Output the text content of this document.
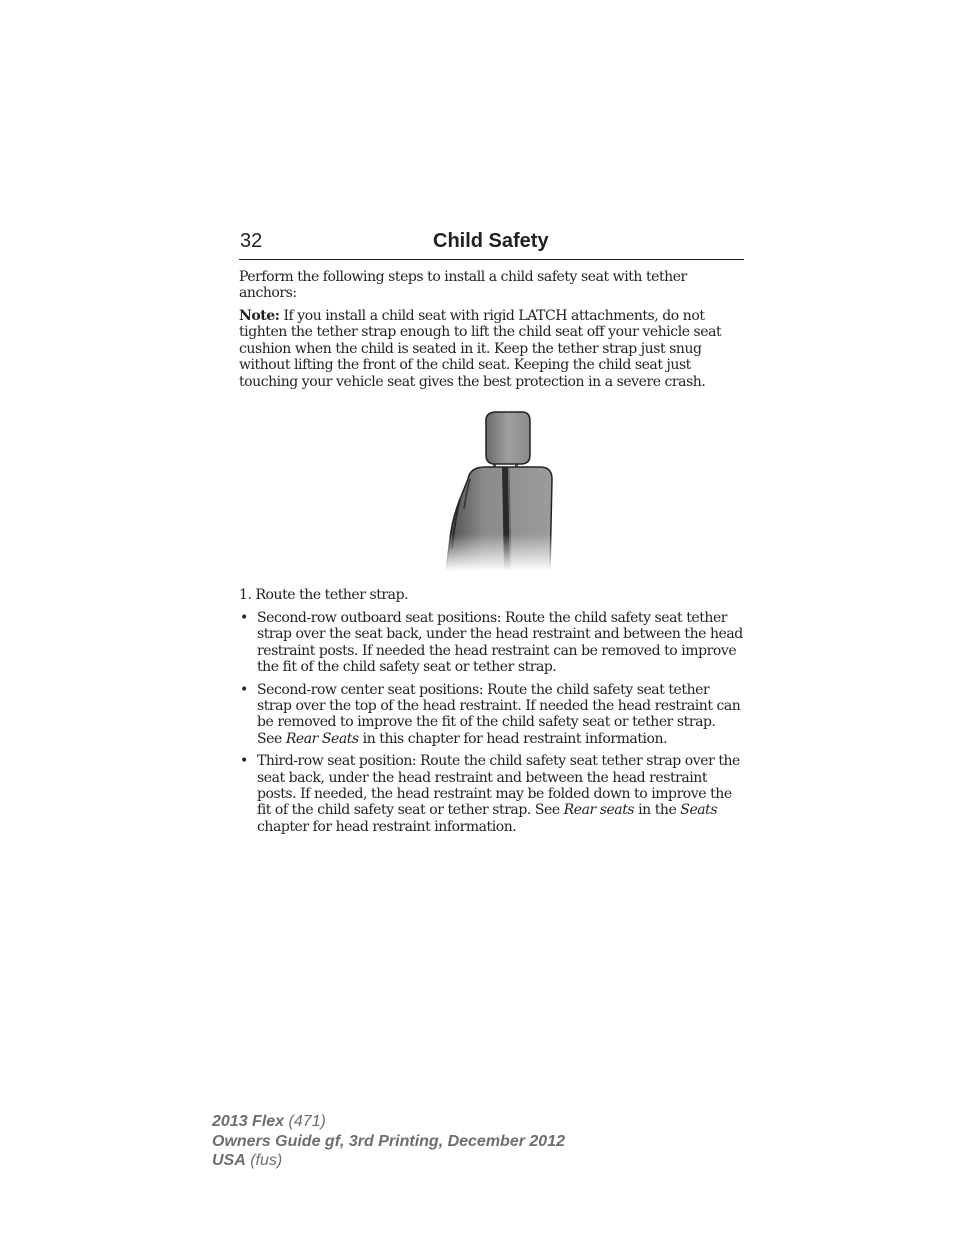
32	Child Safety

Perform the following steps to install a child safety seat with tether anchors:

Note: If you install a child seat with rigid LATCH attachments, do not tighten the tether strap enough to lift the child seat off your vehicle seat cushion when the child is seated in it. Keep the tether strap just snug without lifting the front of the child seat. Keeping the child seat just touching your vehicle seat gives the best protection in a severe crash.

1. Route the tether strap.

• Second-row outboard seat positions: Route the child safety seat tether strap over the seat back, under the head restraint and between the head restraint posts. If needed the head restraint can be removed to improve the fit of the child safety seat or tether strap.
• Second-row center seat positions: Route the child safety seat tether strap over the top of the head restraint. If needed the head restraint can be removed to improve the fit of the child safety seat or tether strap. See Rear Seats in this chapter for head restraint information.
• Third-row seat position: Route the child safety seat tether strap over the seat back, under the head restraint and between the head restraint posts. If needed, the head restraint may be folded down to improve the fit of the child safety seat or tether strap. See Rear seats in the Seats chapter for head restraint information.
2013 Flex (471)
Owners Guide gf, 3rd Printing, December 2012
USA (fus)
